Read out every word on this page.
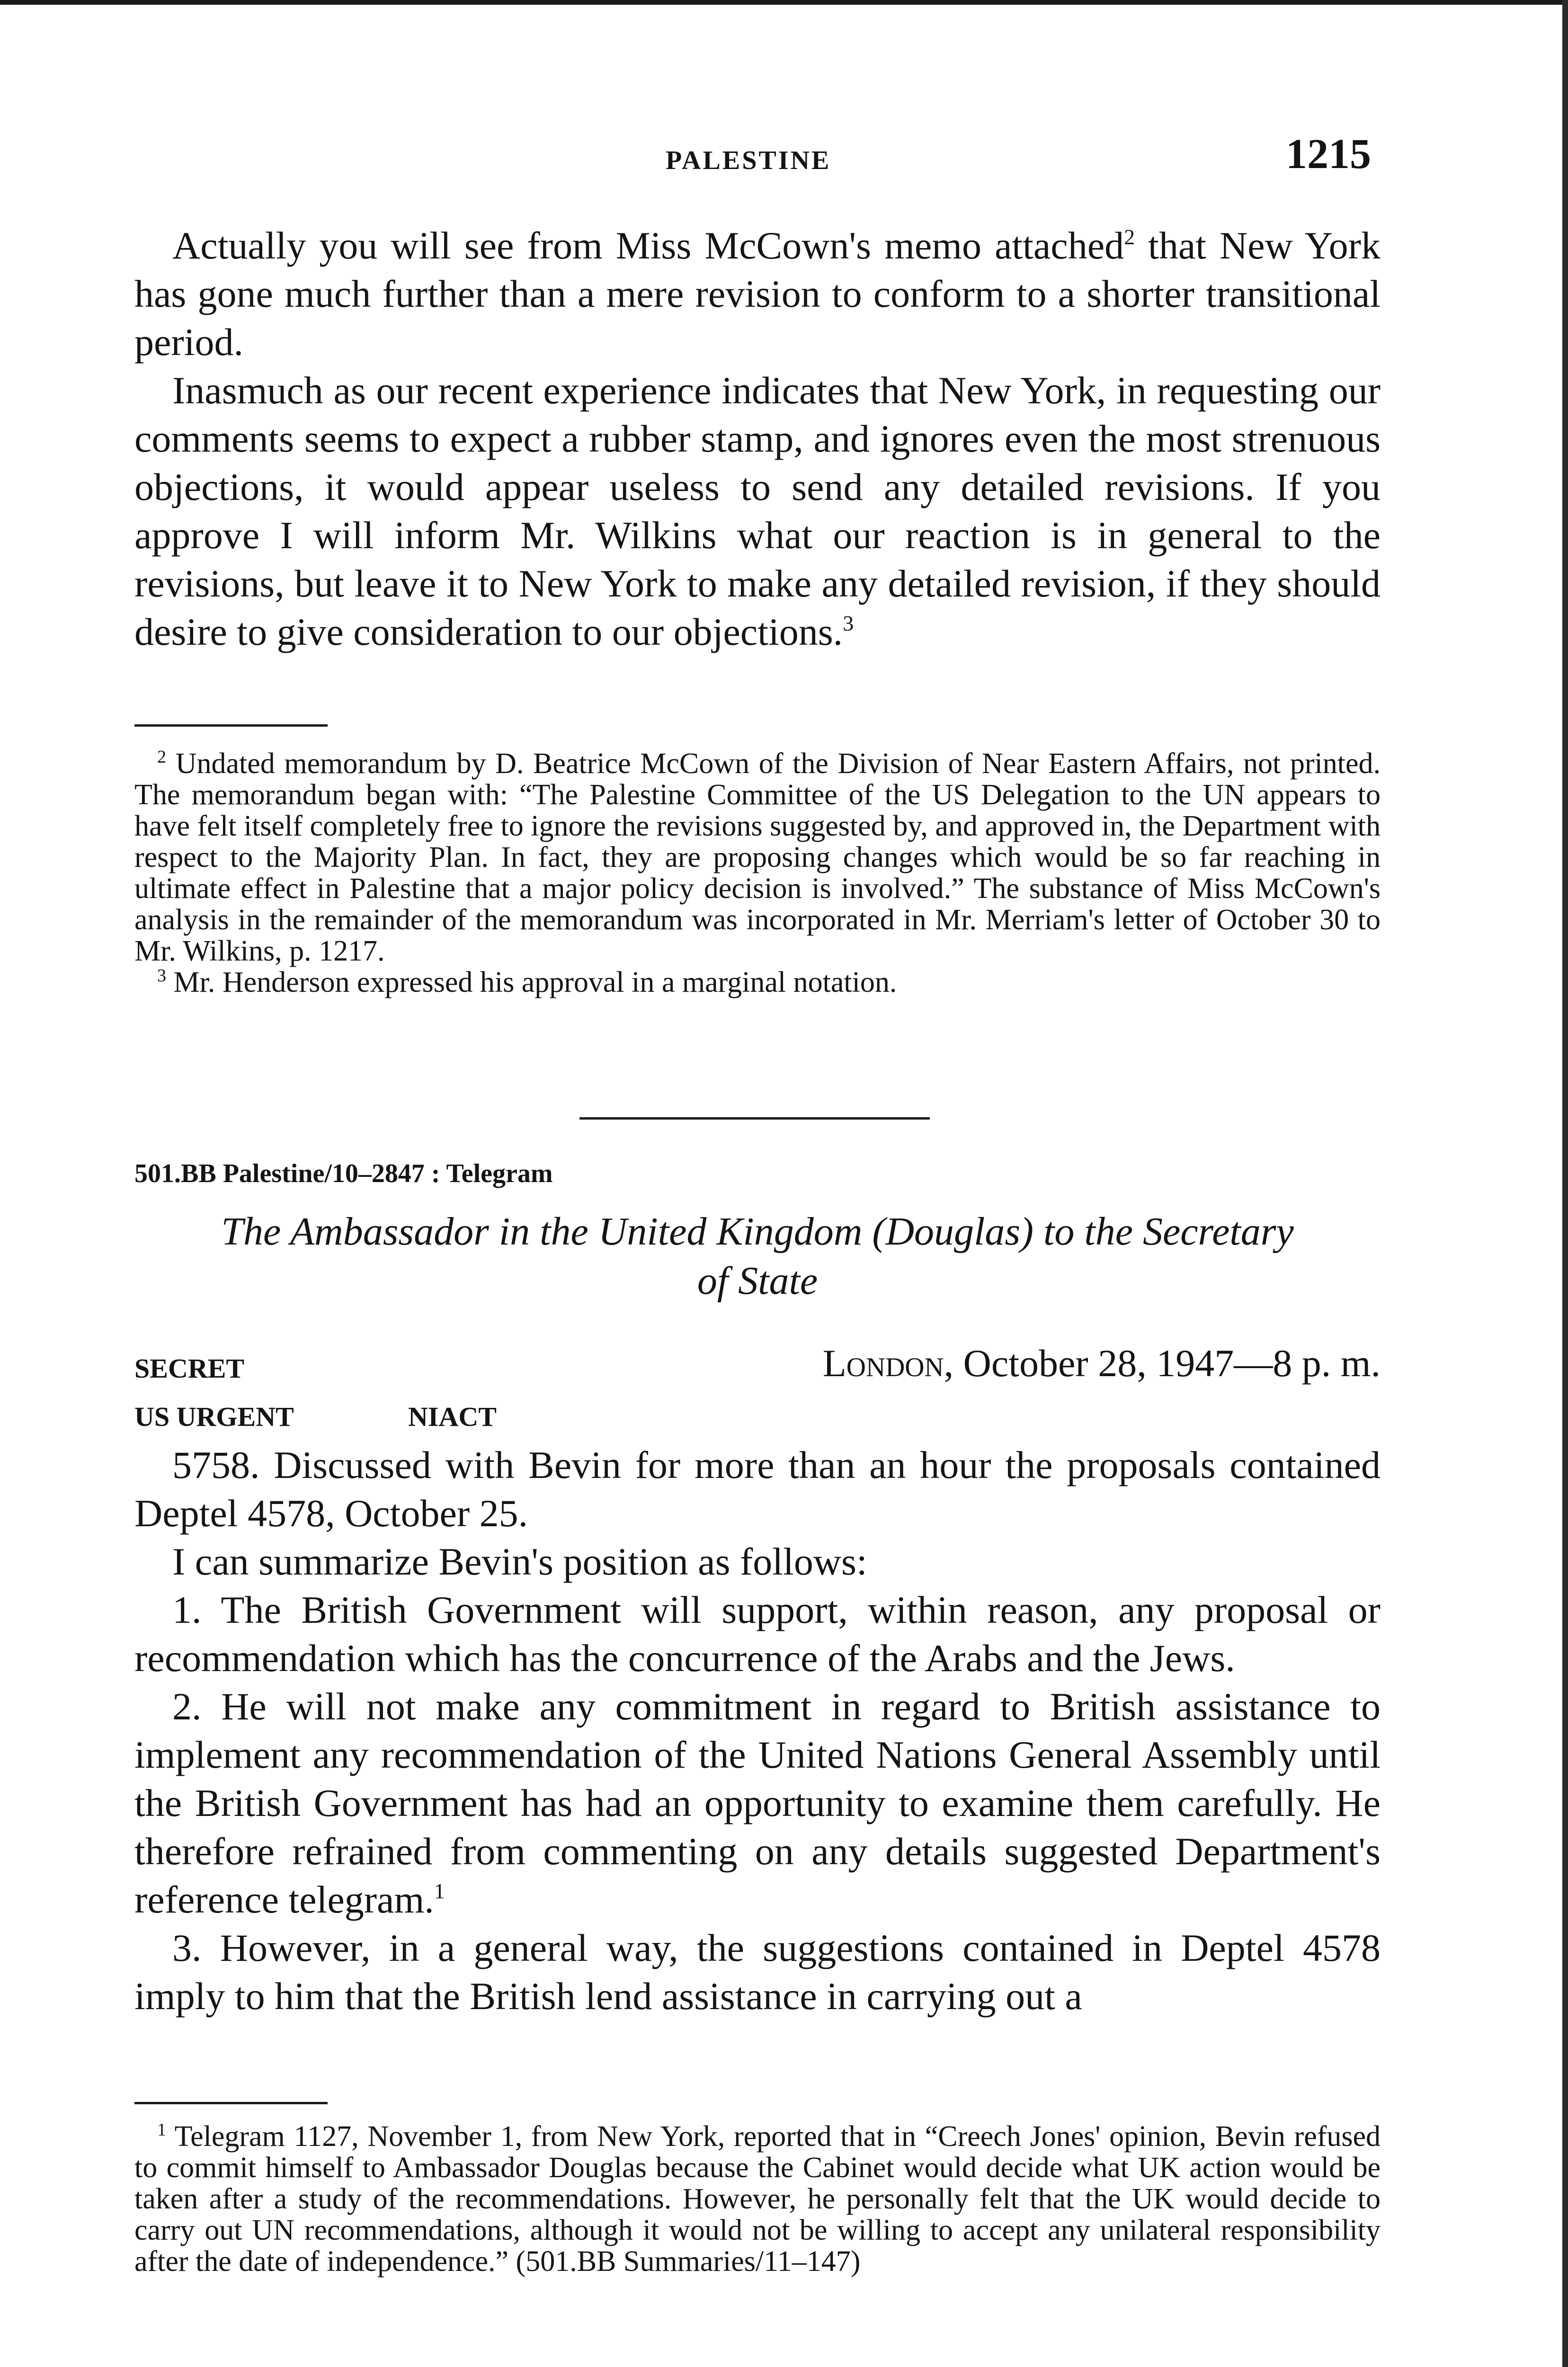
PALESTINE	1215

Actually you will see from Miss McCown's memo attached$^2$ that New York has gone much further than a mere revision to conform to a shorter transitional period.

Inasmuch as our recent experience indicates that New York, in requesting our comments seems to expect a rubber stamp, and ignores even the most strenuous objections, it would appear useless to send any detailed revisions. If you approve I will inform Mr. Wilkins what our reaction is in general to the revisions, but leave it to New York to make any detailed revision, if they should desire to give consideration to our objections.$^3$

$^2$ Undated memorandum by D. Beatrice McCown of the Division of Near Eastern Affairs, not printed. The memorandum began with: “The Palestine Committee of the US Delegation to the UN appears to have felt itself completely free to ignore the revisions suggested by, and approved in, the Department with respect to the Majority Plan. In fact, they are proposing changes which would be so far reaching in ultimate effect in Palestine that a major policy decision is involved.” The substance of Miss McCown's analysis in the remainder of the memorandum was incorporated in Mr. Merriam's letter of October 30 to Mr. Wilkins, p. 1217.

$^3$ Mr. Henderson expressed his approval in a marginal notation.

501.BB Palestine/10–2847 : Telegram
The Ambassador in the United Kingdom (Douglas) to the Secretary
of State
SECRET	London, October 28, 1947—8 p. m.
US URGENT	NIACT

5758. Discussed with Bevin for more than an hour the proposals contained Deptel 4578, October 25.

I can summarize Bevin's position as follows:

1. The British Government will support, within reason, any proposal or recommendation which has the concurrence of the Arabs and the Jews.

2. He will not make any commitment in regard to British assistance to implement any recommendation of the United Nations General Assembly until the British Government has had an opportunity to examine them carefully. He therefore refrained from commenting on any details suggested Department's reference telegram.$^1$

3. However, in a general way, the suggestions contained in Deptel 4578 imply to him that the British lend assistance in carrying out a

$^1$ Telegram 1127, November 1, from New York, reported that in “Creech Jones' opinion, Bevin refused to commit himself to Ambassador Douglas because the Cabinet would decide what UK action would be taken after a study of the recommendations. However, he personally felt that the UK would decide to carry out UN recommendations, although it would not be willing to accept any unilateral responsibility after the date of independence.” (501.BB Summaries/11–147)
